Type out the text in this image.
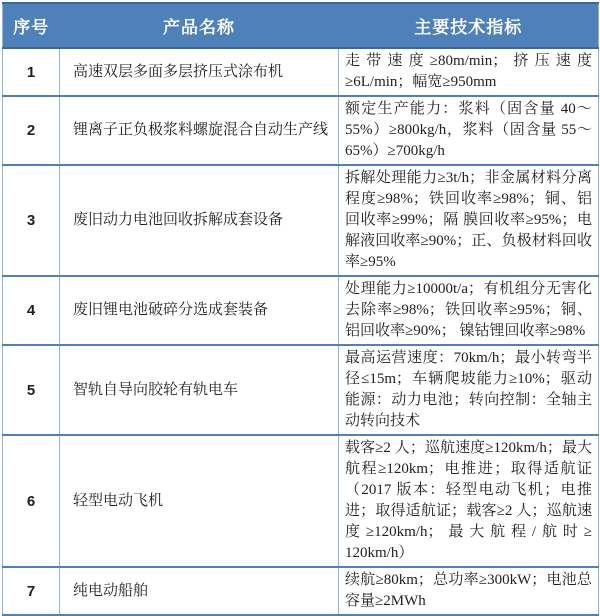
序号	产品名称	主要技术指标
1	高速双层多面多层挤压式涂布机	走带速度≥80m/min；挤压速度≥6L/min；幅宽≥950mm
2	锂离子正负极浆料螺旋混合自动生产线	额定生产能力：浆料（固含量 40～55%）≥800kg/h，浆料（固含量 55～65%）≥700kg/h
3	废旧动力电池回收拆解成套设备	拆解处理能力≥3t/h；非金属材料分离程度≥98%；铁回收率≥98%；铜、铝回收率≥99%；隔 膜回收率≥95%；电解液回收率≥90%；正、负极材料回收率≥95%
4	废旧锂电池破碎分选成套装备	处理能力≥10000t/a；有机组分无害化去除率≥98%；铁回收率≥95%；铜、铝回收率≥90%； 镍钴锂回收率≥98%
5	智轨自导向胶轮有轨电车	最高运营速度：70km/h；最小转弯半径≤15m；车辆爬坡能力≥10%；驱动能源：动力电池；转向控制：全轴主动转向技术
6	轻型电动飞机	载客≥2 人；巡航速度≥120km/h；最大航程≥120km；电推进；取得适航证（2017 版本：轻型电动飞机；电推进；取得适航证；载客≥2 人；巡航速度≥120km/h；最大航程/航时≥ 120km/h）
7	纯电动船舶	续航≥80km；总功率≥300kW；电池总容量≥2MWh
